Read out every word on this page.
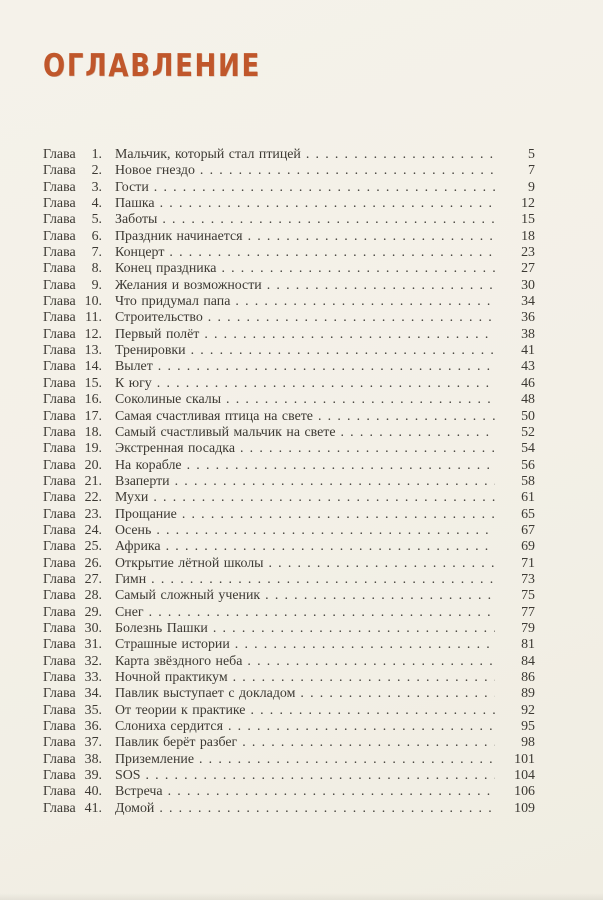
ОГЛАВЛЕНИЕ
Глава 1. Мальчик, который стал птицей .....	5
Глава 2. Новое гнездо .....	7
Глава 3. Гости .....	9
Глава 4. Пашка .....	12
Глава 5. Заботы .....	15
Глава 6. Праздник начинается .....	18
Глава 7. Концерт .....	23
Глава 8. Конец праздника .....	27
Глава 9. Желания и возможности .....	30
Глава 10. Что придумал папа .....	34
Глава 11. Строительство .....	36
Глава 12. Первый полёт .....	38
Глава 13. Тренировки .....	41
Глава 14. Вылет .....	43
Глава 15. К югу .....	46
Глава 16. Соколиные скалы .....	48
Глава 17. Самая счастливая птица на свете .....	50
Глава 18. Самый счастливый мальчик на свете .....	52
Глава 19. Экстренная посадка .....	54
Глава 20. На корабле .....	56
Глава 21. Взаперти .....	58
Глава 22. Мухи .....	61
Глава 23. Прощание .....	65
Глава 24. Осень .....	67
Глава 25. Африка .....	69
Глава 26. Открытие лётной школы .....	71
Глава 27. Гимн .....	73
Глава 28. Самый сложный ученик .....	75
Глава 29. Снег .....	77
Глава 30. Болезнь Пашки .....	79
Глава 31. Страшные истории .....	81
Глава 32. Карта звёздного неба .....	84
Глава 33. Ночной практикум .....	86
Глава 34. Павлик выступает с докладом .....	89
Глава 35. От теории к практике .....	92
Глава 36. Слониха сердится .....	95
Глава 37. Павлик берёт разбег .....	98
Глава 38. Приземление .....	101
Глава 39. SOS .....	104
Глава 40. Встреча .....	106
Глава 41. Домой .....	109
